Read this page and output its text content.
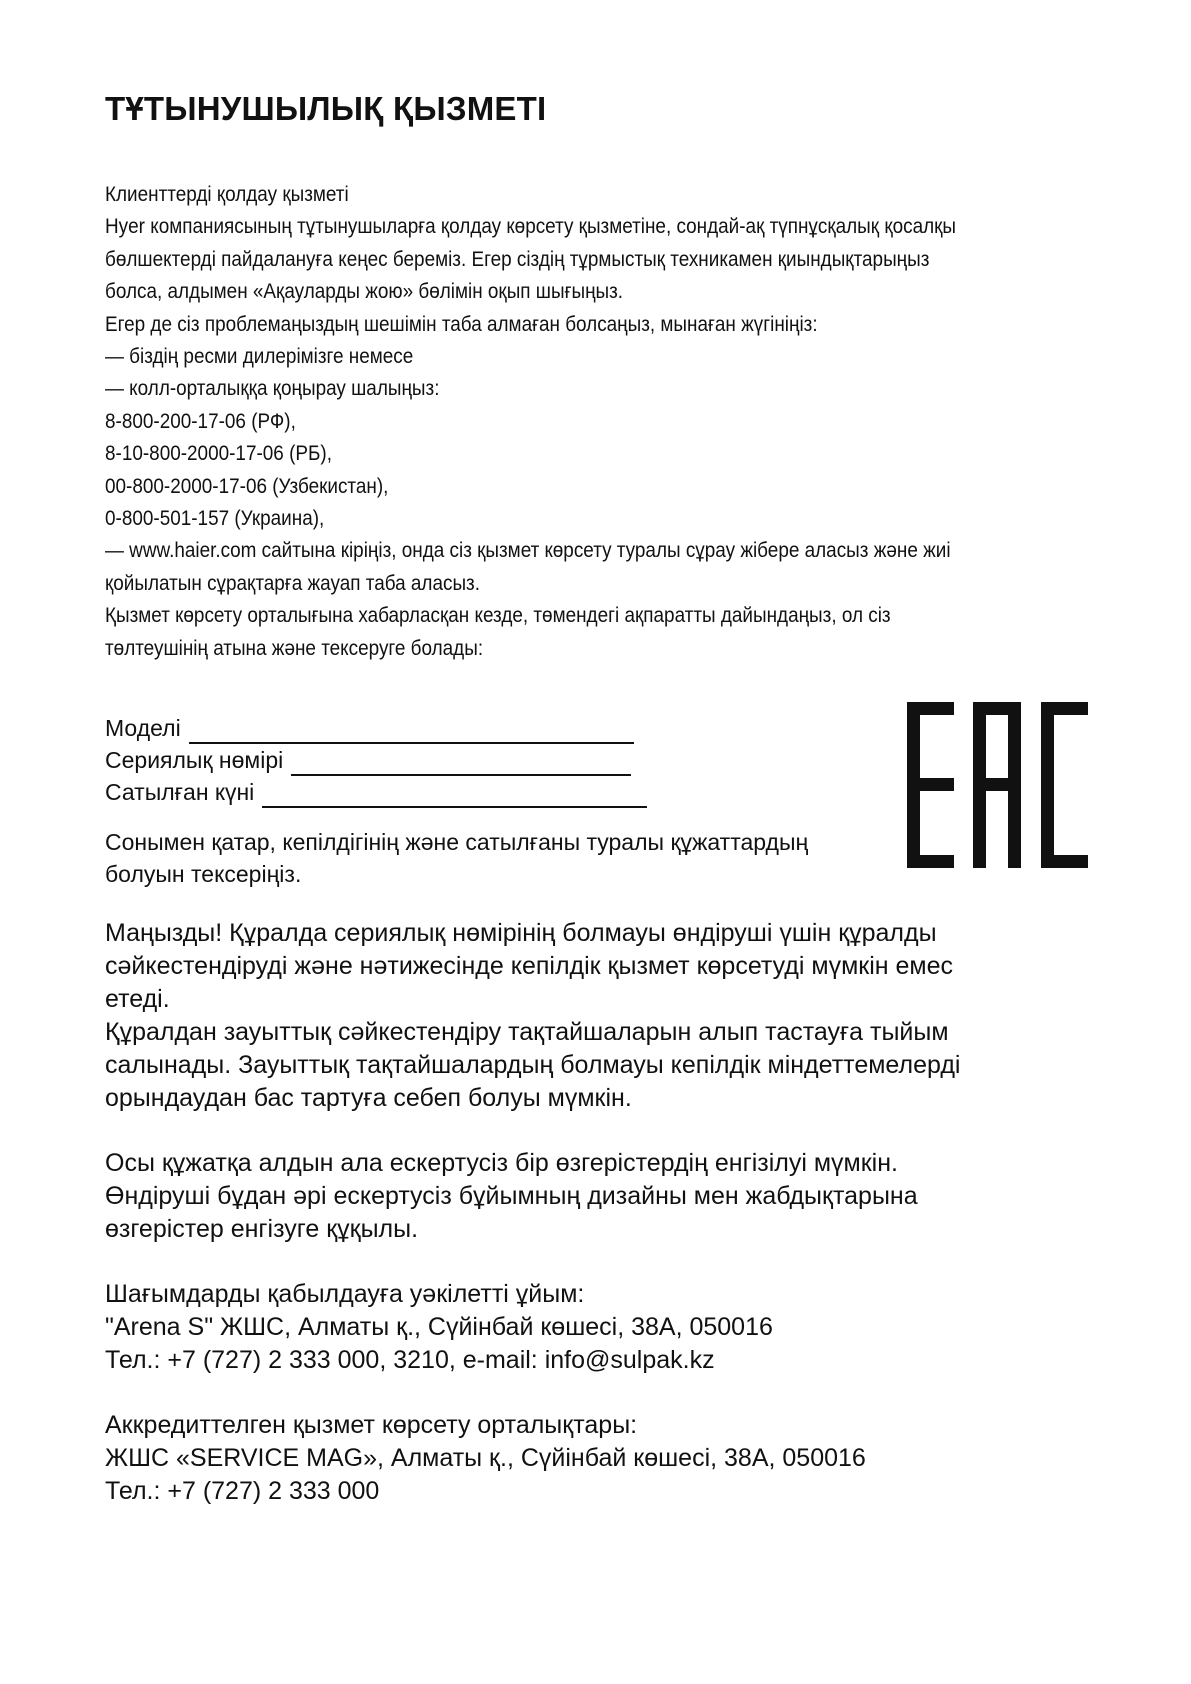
ТҰТЫНУШЫЛЫҚ ҚЫЗМЕТІ
Клиенттерді қолдау қызметі
Hyer компаниясының тұтынушыларға қолдау көрсету қызметіне, сондай-ақ түпнұсқалық қосалқы
бөлшектерді пайдалануға кеңес береміз. Егер сіздің тұрмыстық техникамен қиындықтарыңыз
болса, алдымен «Ақауларды жою» бөлімін оқып шығыңыз.
Егер де сіз проблемаңыздың шешімін таба алмаған болсаңыз, мынаған жүгініңіз:
— біздің ресми дилерімізге немесе
— колл-орталыққа қоңырау шалыңыз:
8-800-200-17-06 (РФ),
8-10-800-2000-17-06 (РБ),
00-800-2000-17-06 (Узбекистан),
0-800-501-157 (Украина),
— www.haier.com сайтына кіріңіз, онда сіз қызмет көрсету туралы сұрау жібере аласыз және жиі
қойылатын сұрақтарға жауап таба аласыз.
Қызмет көрсету орталығына хабарласқан кезде, төмендегі ақпаратты дайындаңыз, ол сіз
төлтеушінің атына және тексеруге болады:
Моделі
Сериялық нөмірі
Сатылған күні
Сонымен қатар, кепілдігінің және сатылғаны туралы құжаттардың
болуын тексеріңіз.
Маңызды! Құралда сериялық нөмірінің болмауы өндіруші үшін құралды
сәйкестендіруді және нәтижесінде кепілдік қызмет көрсетуді мүмкін емес
етеді.
Құралдан зауыттық сәйкестендіру тақтайшаларын алып тастауға тыйым
салынады. Зауыттық тақтайшалардың болмауы кепілдік міндеттемелерді
орындаудан бас тартуға себеп болуы мүмкін.
Осы құжатқа алдын ала ескертусіз бір өзгерістердің енгізілуі мүмкін.
Өндіруші бұдан әрі ескертусіз бұйымның дизайны мен жабдықтарына
өзгерістер енгізуге құқылы.
Шағымдарды қабылдауға уәкілетті ұйым:
"Arena S" ЖШС, Алматы қ., Сүйінбай көшесі, 38А, 050016
Тел.: +7 (727) 2 333 000, 3210, e-mail: info@sulpak.kz
Аккредиттелген қызмет көрсету орталықтары:
ЖШС «SERVICE MAG», Алматы қ., Сүйінбай көшесі, 38А, 050016
Тел.: +7 (727) 2 333 000
